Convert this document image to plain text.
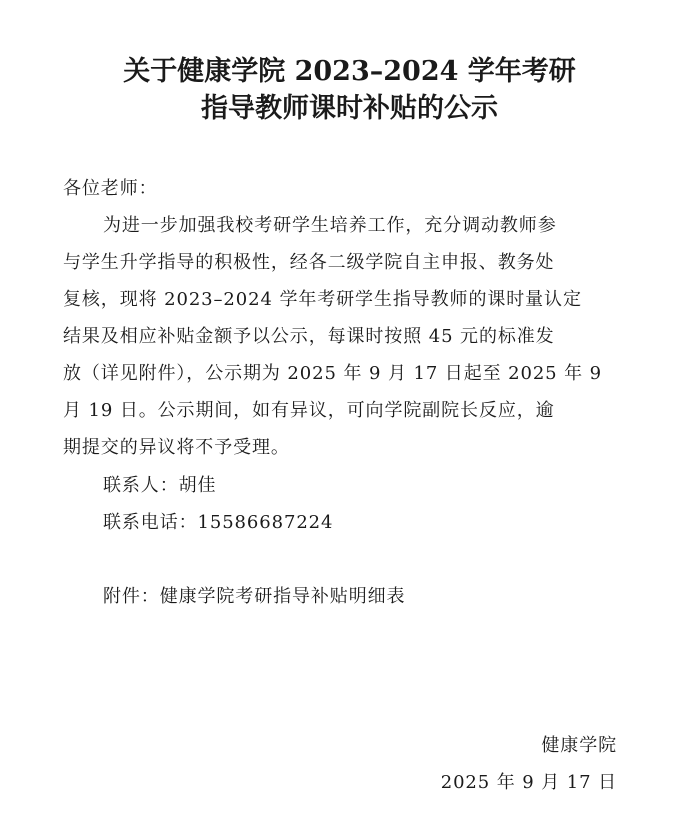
关于健康学院 2023–2024 学年考研
指导教师课时补贴的公示

各位老师：

为进一步加强我校考研学生培养工作，充分调动教师参
与学生升学指导的积极性，经各二级学院自主申报、教务处
复核，现将 2023–2024 学年考研学生指导教师的课时量认定
结果及相应补贴金额予以公示，每课时按照 45 元的标准发
放（详见附件），公示期为 2025 年 9 月 17 日起至 2025 年 9
月 19 日。公示期间，如有异议，可向学院副院长反应，逾
期提交的异议将不予受理。

联系人：胡佳

联系电话：15586687224

附件：健康学院考研指导补贴明细表

健康学院

2025 年 9 月 17 日
